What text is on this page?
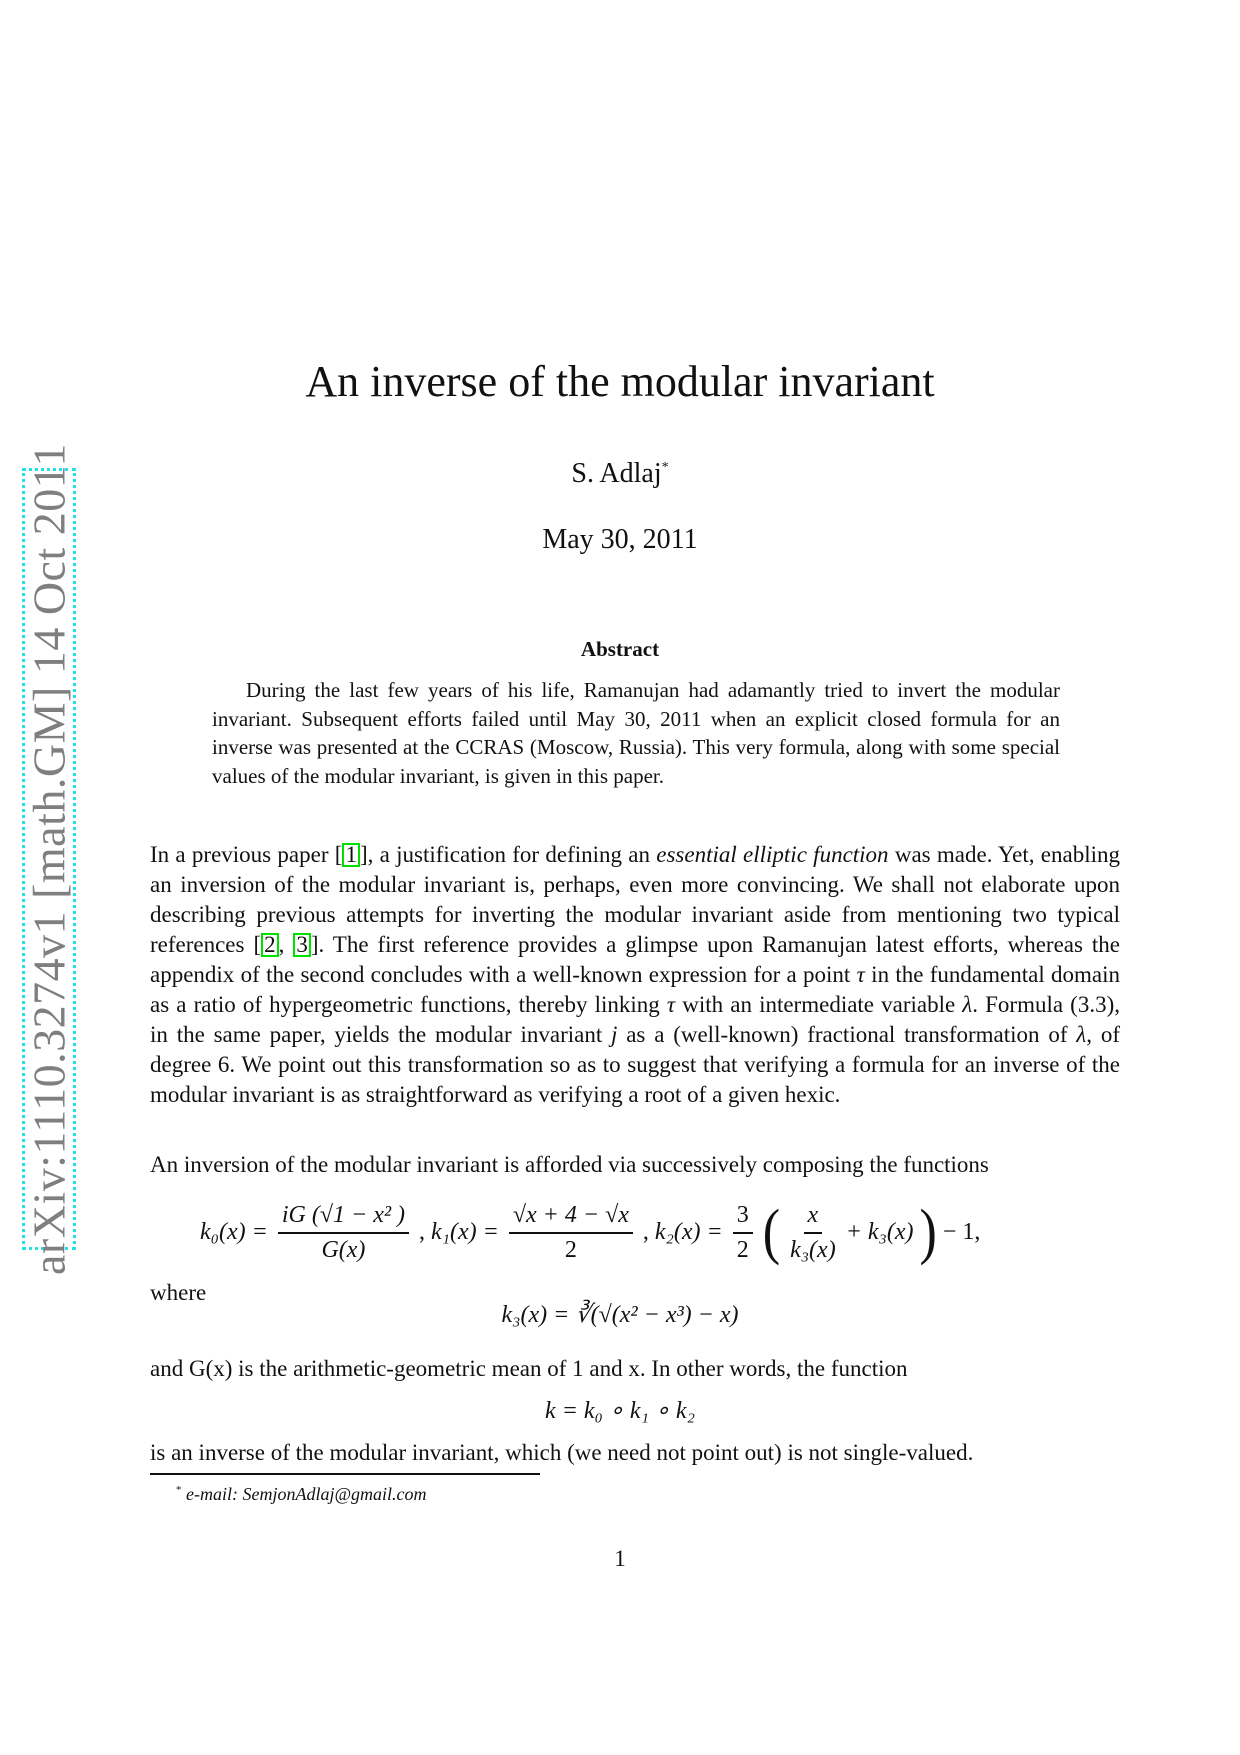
arXiv:1110.3274v1 [math.GM] 14 Oct 2011
An inverse of the modular invariant
S. Adlaj*
May 30, 2011
Abstract

During the last few years of his life, Ramanujan had adamantly tried to invert the modular invariant. Subsequent efforts failed until May 30, 2011 when an explicit closed formula for an inverse was presented at the CCRAS (Moscow, Russia). This very formula, along with some special values of the modular invariant, is given in this paper.

In a previous paper [ 1 ], a justification for defining an essential elliptic function was made. Yet, enabling an inversion of the modular invariant is, perhaps, even more convincing. We shall not elaborate upon describing previous attempts for inverting the modular invariant aside from mentioning two typical references [ 2 , 3 ]. The first reference provides a glimpse upon Ramanujan latest efforts, whereas the appendix of the second concludes with a well-known expression for a point τ in the fundamental domain as a ratio of hypergeometric functions, thereby linking τ with an intermediate variable λ. Formula (3.3), in the same paper, yields the modular invariant j as a (well-known) fractional transformation of λ, of degree 6. We point out this transformation so as to suggest that verifying a formula for an inverse of the modular invariant is as straightforward as verifying a root of a given hexic.

An inversion of the modular invariant is afforded via successively composing the functions

$k_0(x) = \frac{\text{iG (√1 − x² )}}{G(x)}$ , $k_1(x) = \frac{√x + 4 - √x}{2}$ , $k_2(x) = \frac{3}{2}$ ( $\frac{x}{\text{k₃(x)}} + k_3(x)$ ) − 1,
where
k₃(x) = ∛(√(x² − x³) − x)
and G(x) is the arithmetic-geometric mean of 1 and x. In other words, the function
k = k₀ ∘ k₁ ∘ k₂
is an inverse of the modular invariant, which (we need not point out) is not single-valued.
* e-mail: SemjonAdlaj@gmail.com
1
